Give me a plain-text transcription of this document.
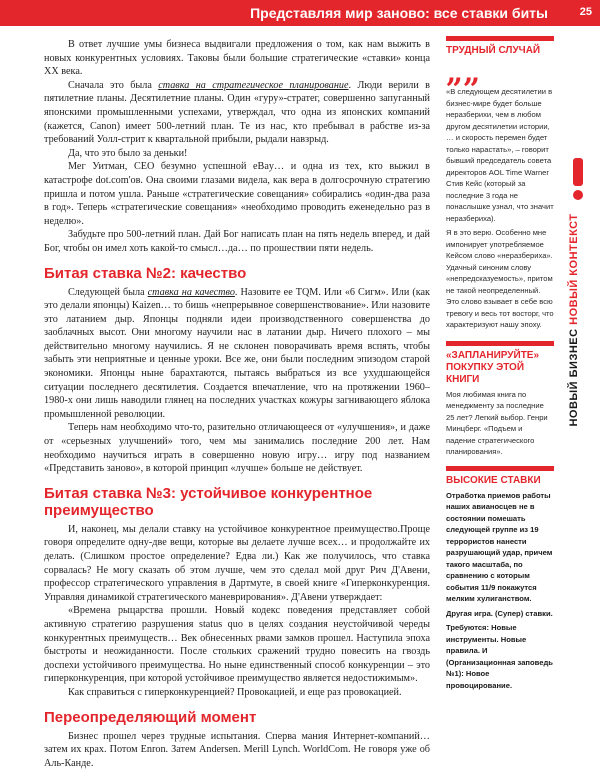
Представляя мир заново: все ставки биты	25

В ответ лучшие умы бизнеса выдвигали предложения о том, как нам выжить в новых конкурентных условиях. Таковы были большие стратегические «ставки» конца ХХ века.

Сначала это была ставка на стратегическое планирование. Люди верили в пятилетние планы. Десятилетние планы. Один «гуру»-стратег, совершенно запуганный японскими промышленными успехами, утверждал, что одна из японских компаний (кажется, Canon) имеет 500-летний план. Те из нас, кто пребывал в рабстве из-за требований Уолл-стрит к квартальной прибыли, рыдали навзрыд.

Да, что это было за деньки!

Мег Уитман, CEO безумно успешной eBay… и одна из тех, кто выжил в катастрофе dot.com'ов. Она своими глазами видела, как вера в долгосрочную стратегию пришла и потом ушла. Раньше «стратегические совещания» собирались «один-два раза в год». Теперь «стратегические совещания» «необходимо проводить еженедельно раз в неделю».

Забудьте про 500-летний план. Дай Бог написать план на пять недель вперед, и дай Бог, чтобы он имел хоть какой-то смысл…да… по прошествии пяти недель.

Битая ставка №2: качество

Следующей была ставка на качество. Назовите ее TQM. Или «6 Сигм». Или (как это делали японцы) Kaizen… то бишь «непрерывное совершенствование». Или назовите это латанием дыр. Японцы подняли идеи производственного совершенства до заоблачных высот. Они многому научили нас в латании дыр. Ничего плохого – мы действительно многому научились. Я не склонен поворачивать время вспять, чтобы забыть эти неприятные и ценные уроки. Все же, они были последним эпизодом старой экономики. Японцы ныне барахтаются, пытаясь выбраться из все ухудшающейся ситуации последнего десятилетия. Создается впечатление, что на протяжении 1960–1980-х они лишь наводили глянец на последних участках кожуры загнивающего яблока промышленной революции.

Теперь нам необходимо что-то, разительно отличающееся от «улучшения», и даже от «серьезных улучшений» того, чем мы занимались последние 200 лет. Нам необходимо научиться играть в совершенно новую игру… игру под названием «Представить заново», в которой принцип «лучше» больше не действует.

Битая ставка №3: устойчивое конкурентное преимущество

И, наконец, мы делали ставку на устойчивое конкурентное преимущество.Проще говоря определите одну-две вещи, которые вы делаете лучше всех… и продолжайте их делать. (Слишком простое определение? Едва ли.) Как же получилось, что ставка сорвалась? Не могу сказать об этом лучше, чем это сделал мой друг Рич Д'Авени, профессор стратегического управления в Дартмуте, в своей книге «Гиперконкуренция. Управляя динамикой стратегического маневрирования». Д'Авени утверждает:

«Времена рыцарства прошли. Новый кодекс поведения представляет собой активную стратегию разрушения status quo в целях создания неустойчивой череды конкурентных преимуществ… Век обнесенных рвами замков прошел. Наступила эпоха быстроты и неожиданности. После стольких сражений трудно повесить на гвоздь доспехи устойчивого преимущества. Но ныне единственный способ конкуренции – это гиперконкуренция, при которой устойчивое преимущество является недостижимым».

Как справиться с гиперконкуренцией? Провокацией, и еще раз провокацией.

Переопределяющий момент

Бизнес прошел через трудные испытания. Сперва мания Интернет-компаний… затем их крах. Потом Enron. Затем Andersen. Merill Lynch. WorldCom. Не говоря уже об Аль-Канде.

ТРУДНЫЙ СЛУЧАЙ
„„
«В следующем десятилетии в бизнес-мире будет больше неразберихи, чем в любом другом десятилетии истории, … и скорость перемен будет только нарастать», – говорит бывший председатель совета директоров AOL Time Warner Стив Кейс (который за последние 3 года не понаслышке узнал, что значит неразбериха).
Я в это верю. Особенно мне импонирует употребляемое Кейсом слово «неразбериха». Удачный синоним слову «непредсказуемость», притом не такой неопределенный. Это слово взывает в себе всю тревогу и весь тот восторг, что характеризуют нашу эпоху.
«ЗАПЛАНИРУЙТЕ» ПОКУПКУ ЭТОЙ КНИГИ
Моя любимая книга по менеджменту за последние 25 лет? Легкий выбор. Генри Минцберг. «Подъем и падение стратегического планирования».
ВЫСОКИЕ СТАВКИ
Отработка приемов работы наших авианосцев не в состоянии помешать следующей группе из 19 террористов нанести разрушающий удар, причем такого масштаба, по сравнению с которым события 11/9 покажутся мелким хулиганством.
Другая игра. (Супер) ставки.
Требуются: Новые инструменты. Новые правила. И (Организационная заповедь №1): Новое провоцирование.
НОВЫЙ БИЗНЕС НОВЫЙ КОНТЕКСТ
